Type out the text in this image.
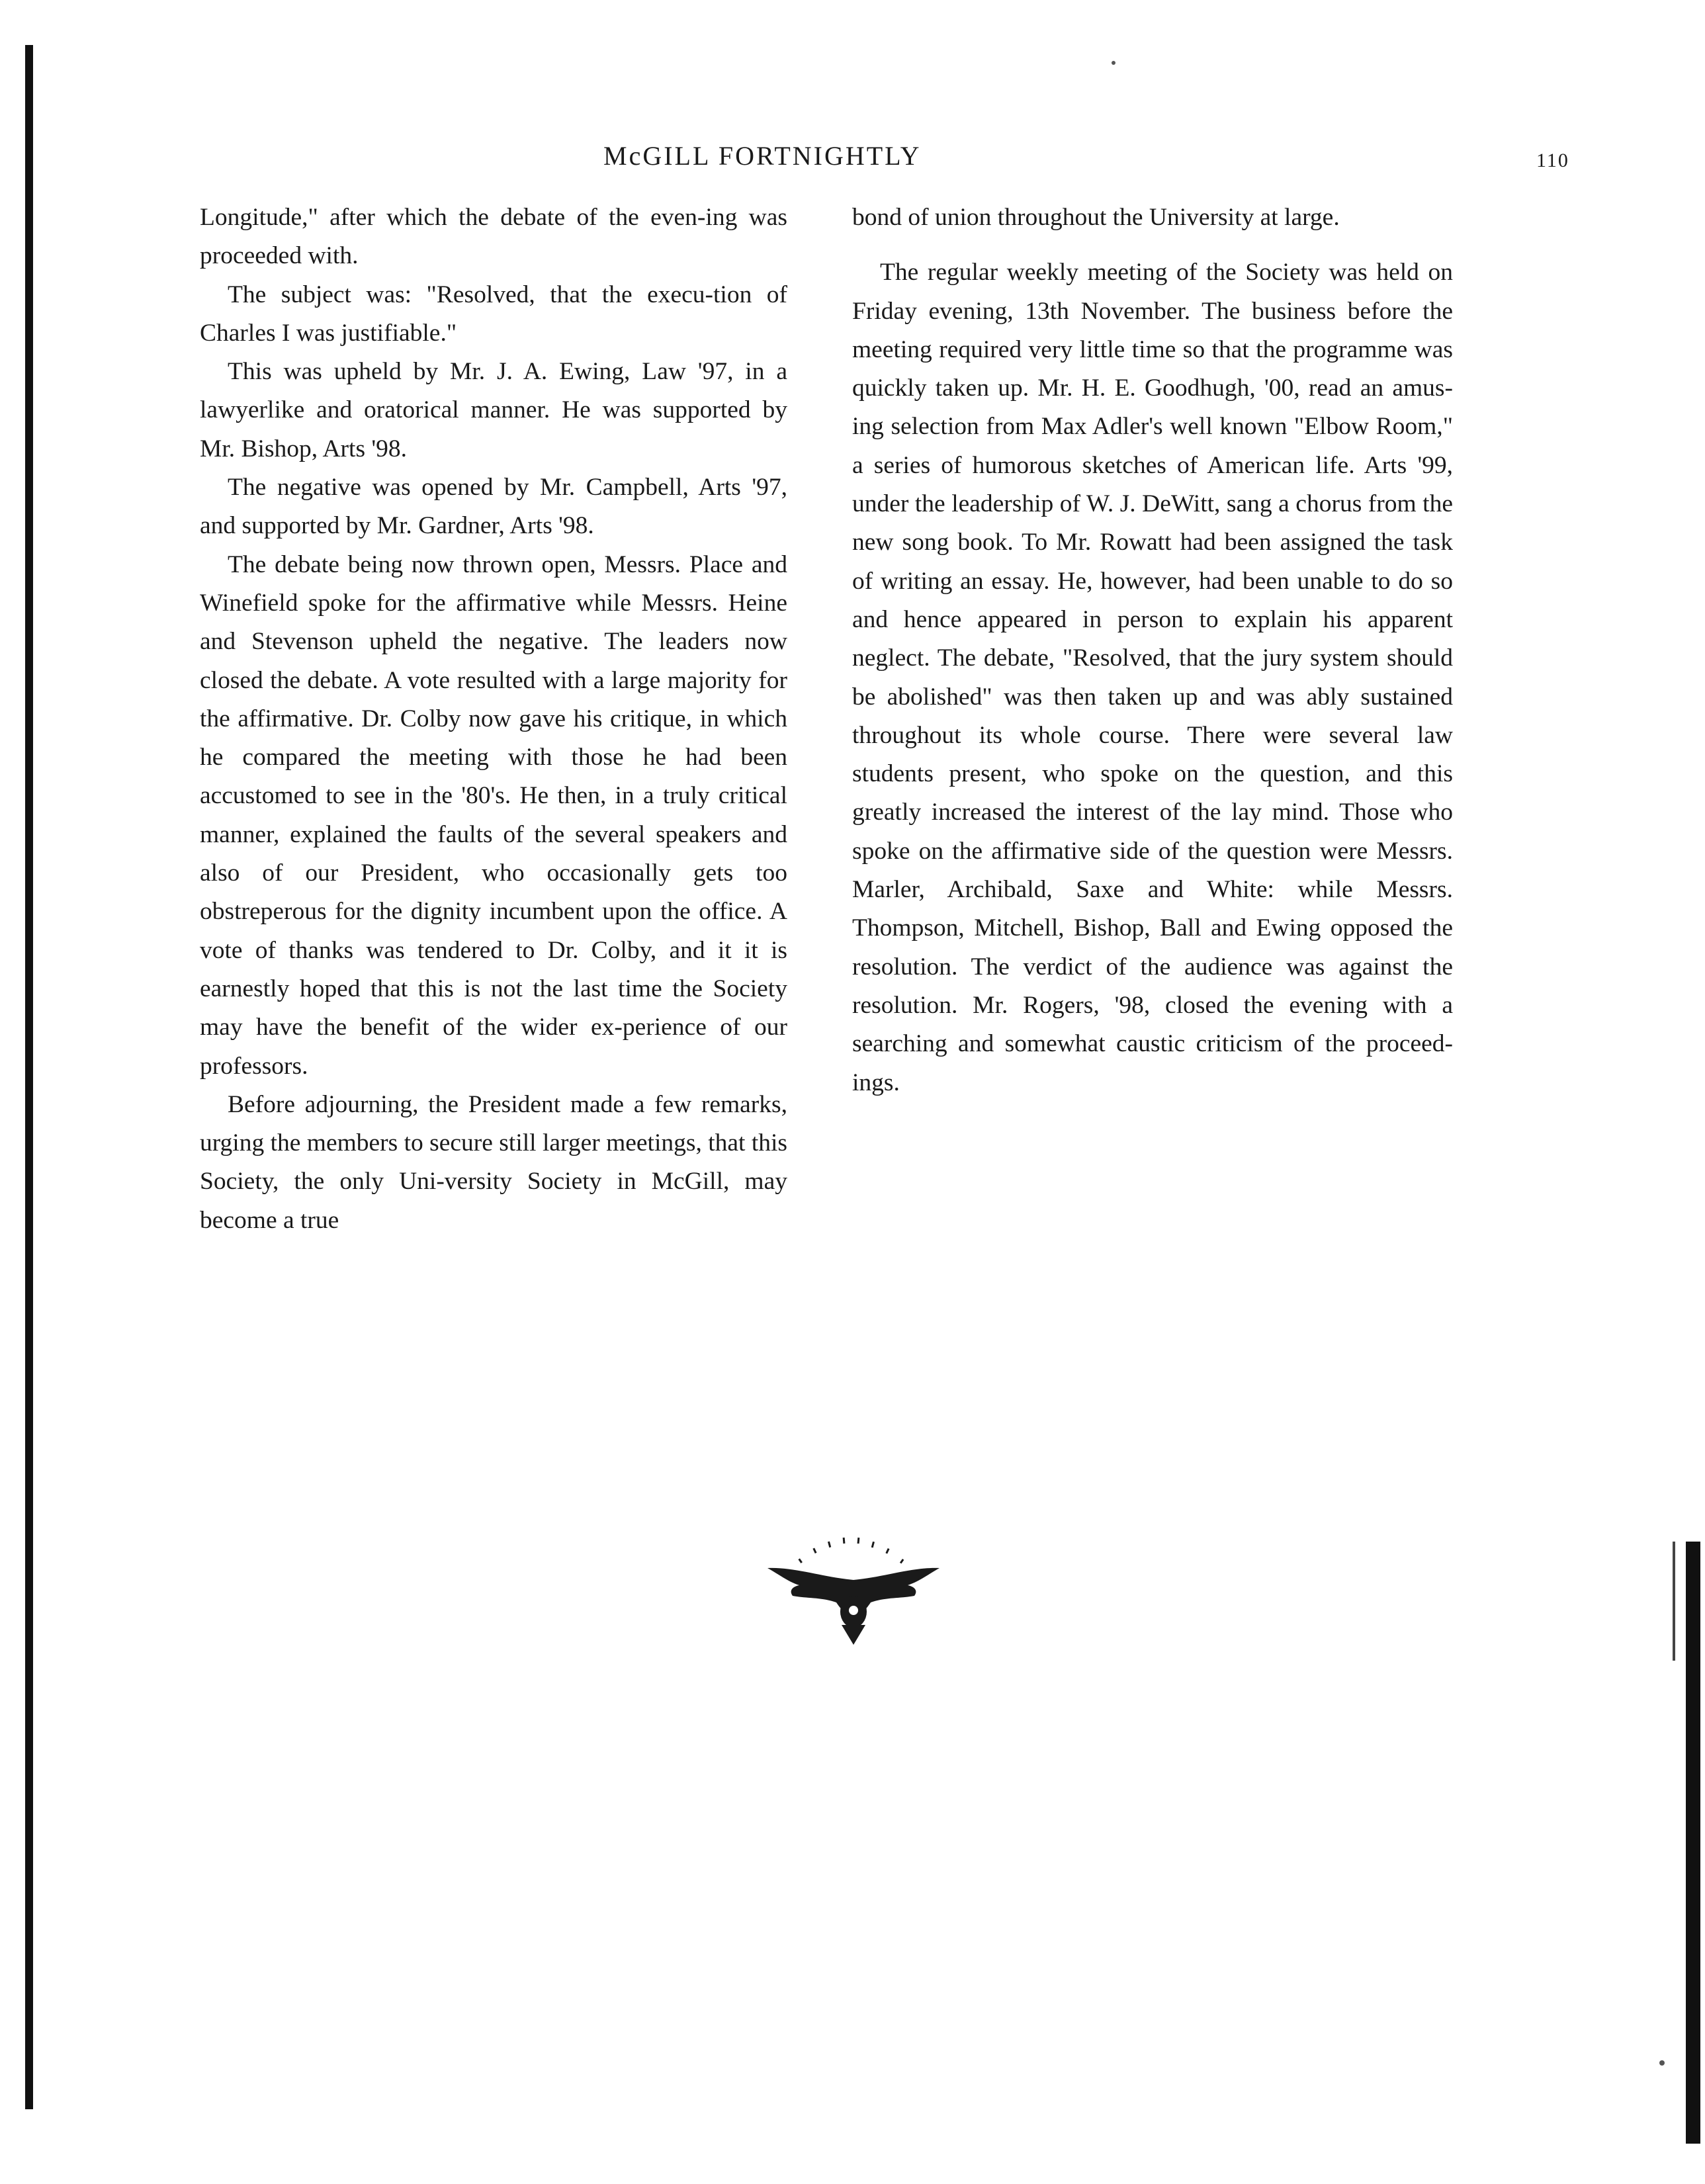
McGILL FORTNIGHTLY	110

Longitude," after which the debate of the even-ing was proceeded with.

The subject was: "Resolved, that the execu-tion of Charles I was justifiable."

This was upheld by Mr. J. A. Ewing, Law '97, in a lawyerlike and oratorical manner. He was supported by Mr. Bishop, Arts '98.

The negative was opened by Mr. Campbell, Arts '97, and supported by Mr. Gardner, Arts '98.

The debate being now thrown open, Messrs. Place and Winefield spoke for the affirmative while Messrs. Heine and Stevenson upheld the negative. The leaders now closed the debate. A vote resulted with a large majority for the affirmative. Dr. Colby now gave his critique, in which he compared the meeting with those he had been accustomed to see in the '80's. He then, in a truly critical manner, explained the faults of the several speakers and also of our President, who occasionally gets too obstreperous for the dignity incumbent upon the office. A vote of thanks was tendered to Dr. Colby, and it it is earnestly hoped that this is not the last time the Society may have the benefit of the wider ex-perience of our professors.

Before adjourning, the President made a few remarks, urging the members to secure still larger meetings, that this Society, the only Uni-versity Society in McGill, may become a true

bond of union throughout the University at large.

The regular weekly meeting of the Society was held on Friday evening, 13th November. The business before the meeting required very little time so that the programme was quickly taken up. Mr. H. E. Goodhugh, '00, read an amus-ing selection from Max Adler's well known "Elbow Room," a series of humorous sketches of American life. Arts '99, under the leadership of W. J. DeWitt, sang a chorus from the new song book. To Mr. Rowatt had been assigned the task of writing an essay. He, however, had been unable to do so and hence appeared in person to explain his apparent neglect. The debate, "Resolved, that the jury system should be abolished" was then taken up and was ably sustained throughout its whole course. There were several law students present, who spoke on the question, and this greatly increased the interest of the lay mind. Those who spoke on the affirmative side of the question were Messrs. Marler, Archibald, Saxe and White: while Messrs. Thompson, Mitchell, Bishop, Ball and Ewing opposed the resolution. The verdict of the audience was against the resolution. Mr. Rogers, '98, closed the evening with a searching and somewhat caustic criticism of the proceed-ings.
